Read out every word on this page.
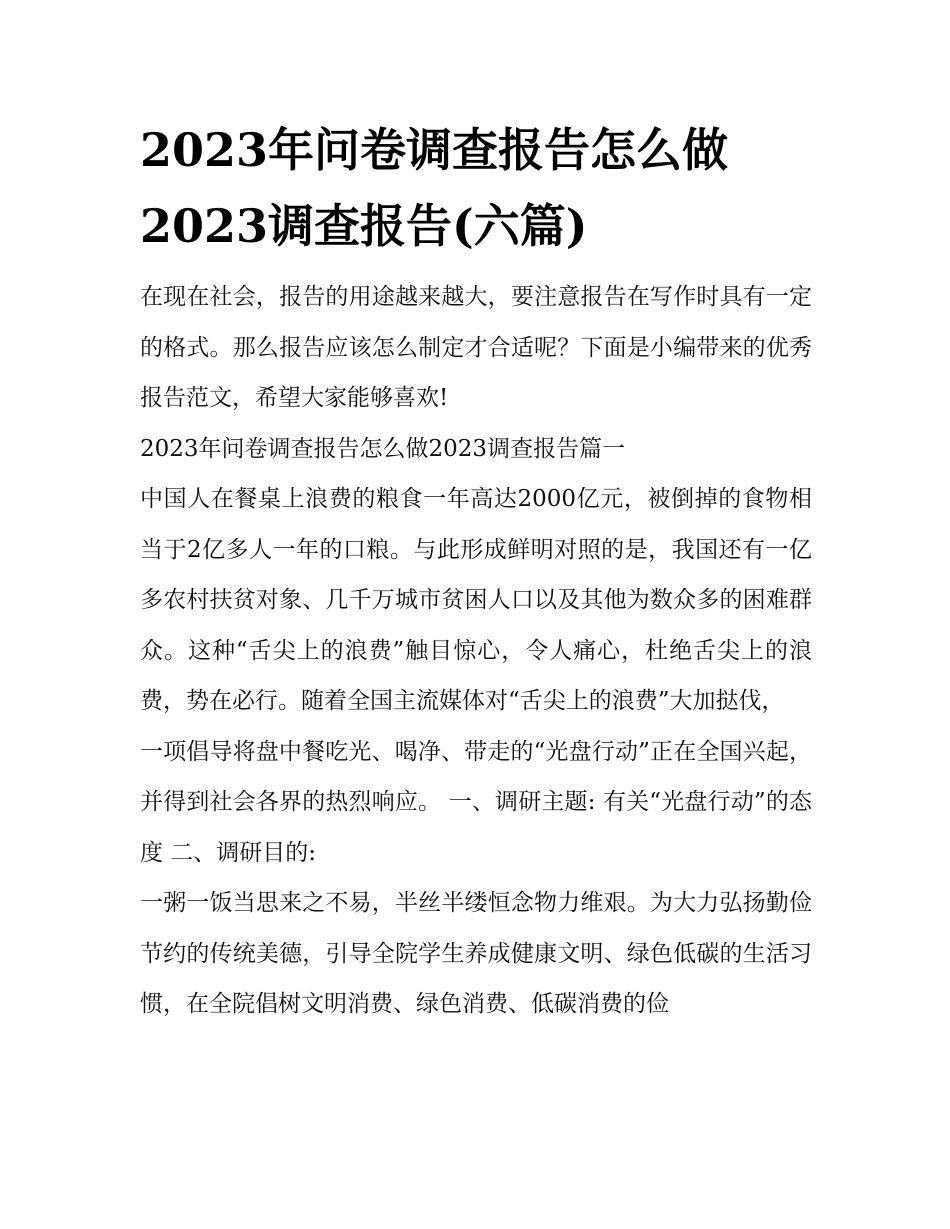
2023年问卷调查报告怎么做
2023调查报告(六篇)

在现在社会，报告的用途越来越大，要注意报告在写作时具有一定的格式。那么报告应该怎么制定才合适呢？下面是小编带来的优秀报告范文，希望大家能够喜欢!

2023年问卷调查报告怎么做2023调查报告篇一

中国人在餐桌上浪费的粮食一年高达2000亿元，被倒掉的食物相当于2亿多人一年的口粮。与此形成鲜明对照的是，我国还有一亿多农村扶贫对象、几千万城市贫困人口以及其他为数众多的困难群众。这种“舌尖上的浪费”触目惊心，令人痛心，杜绝舌尖上的浪费，势在必行。随着全国主流媒体对“舌尖上的浪费”大加挞伐，

一项倡导将盘中餐吃光、喝净、带走的“光盘行动”正在全国兴起，并得到社会各界的热烈响应。 一、调研主题: 有关“光盘行动”的态度 二、调研目的:

一粥一饭当思来之不易，半丝半缕恒念物力维艰。为大力弘扬勤俭节约的传统美德，引导全院学生养成健康文明、绿色低碳的生活习惯，在全院倡树文明消费、绿色消费、低碳消费的俭
